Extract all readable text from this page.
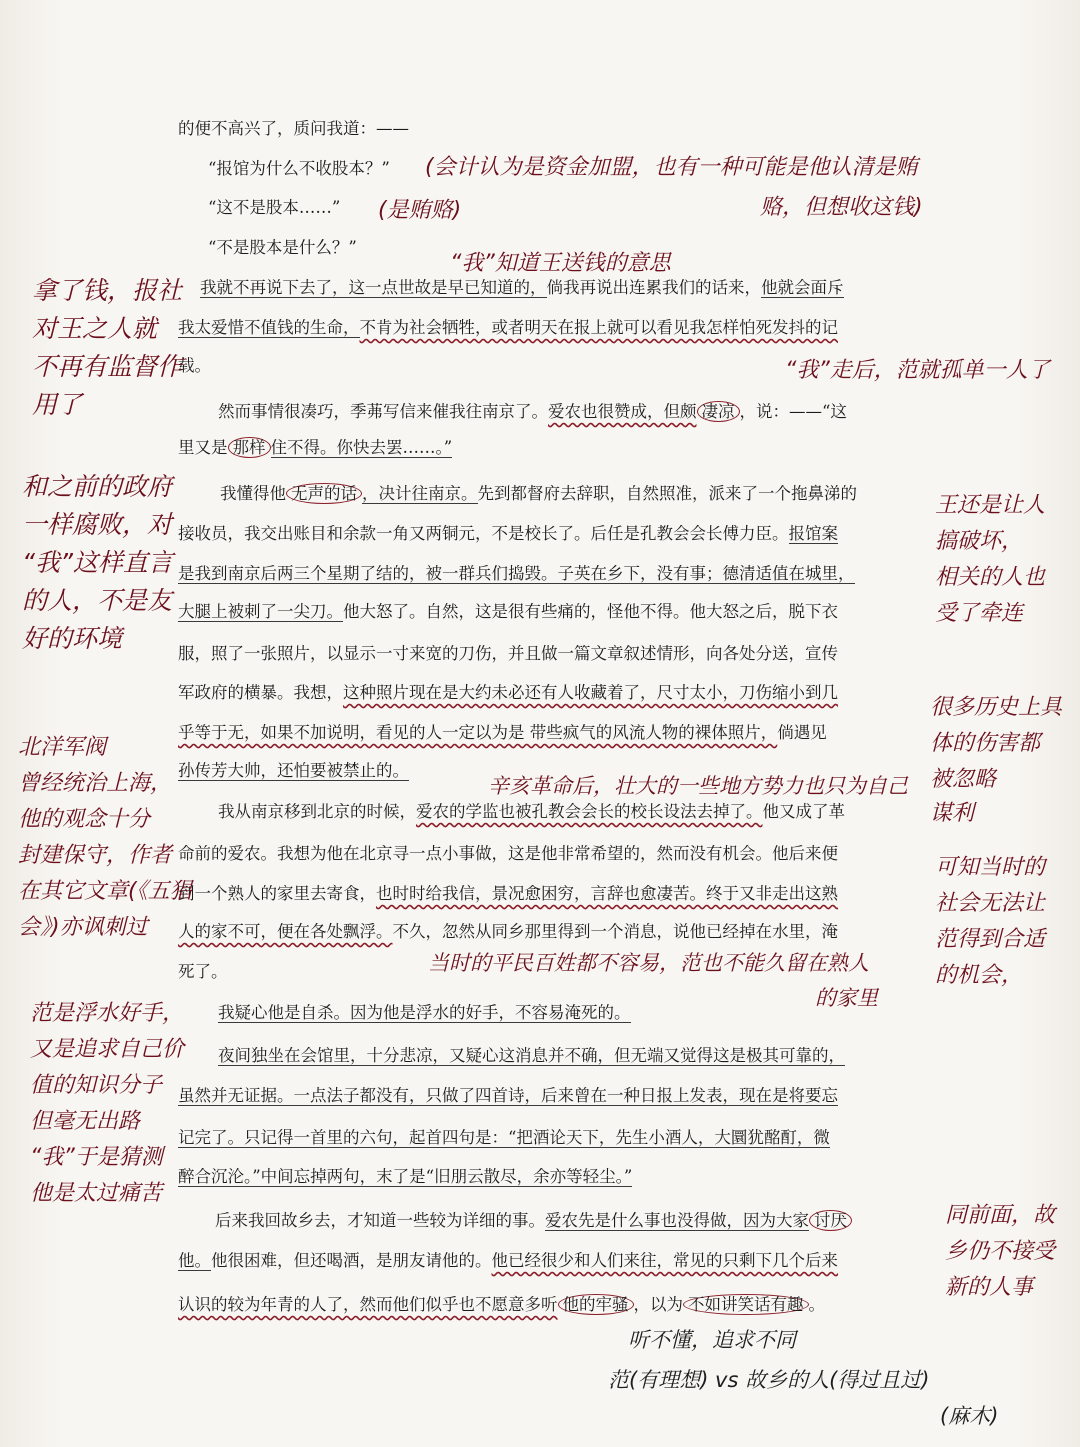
的便不高兴了，质问我道：——
“报馆为什么不收股本？”
“这不是股本……”
“不是股本是什么？”
我就不再说下去了，这一点世故是早已知道的，倘我再说出连累我们的话来，他就会面斥
我太爱惜不值钱的生命，不肯为社会牺牲，或者明天在报上就可以看见我怎样怕死发抖的记
载。
然而事情很凑巧，季茀写信来催我往南京了。爱农也很赞成，但颇 凄凉 ，说：——“这
里又是 那样 住不得。你快去罢……。”
我懂得他 无声的话 ，决计往南京。先到都督府去辞职，自然照准，派来了一个拖鼻涕的
接收员，我交出账目和余款一角又两铜元，不是校长了。后任是孔教会会长傅力臣。报馆案
是我到南京后两三个星期了结的，被一群兵们捣毁。子英在乡下，没有事；德清适值在城里，
大腿上被刺了一尖刀。他大怒了。自然，这是很有些痛的，怪他不得。他大怒之后，脱下衣
服，照了一张照片，以显示一寸来宽的刀伤，并且做一篇文章叙述情形，向各处分送，宣传
军政府的横暴。我想，这种照片现在是大约未必还有人收藏着了，尺寸太小，刀伤缩小到几
乎等于无，如果不加说明，看见的人一定以为是 带些疯气的风流人物的裸体照片，倘遇见
孙传芳大帅，还怕要被禁止的。
我从南京移到北京的时候，爱农的学监也被孔教会会长的校长设法去掉了。他又成了革
命前的爱农。我想为他在北京寻一点小事做，这是他非常希望的，然而没有机会。他后来便
到一个熟人的家里去寄食，也时时给我信，景况愈困穷，言辞也愈凄苦。终于又非走出这熟
人的家不可，便在各处飘浮。不久，忽然从同乡那里得到一个消息，说他已经掉在水里，淹
死了。
我疑心他是自杀。因为他是浮水的好手，不容易淹死的。
夜间独坐在会馆里，十分悲凉，又疑心这消息并不确，但无端又觉得这是极其可靠的，
虽然并无证据。一点法子都没有，只做了四首诗，后来曾在一种日报上发表，现在是将要忘
记完了。只记得一首里的六句，起首四句是：“把酒论天下，先生小酒人，大圜犹酩酊，微
醉合沉沦。”中间忘掉两句，末了是“旧朋云散尽，余亦等轻尘。”
后来我回故乡去，才知道一些较为详细的事。爱农先是什么事也没得做，因为大家 讨厌
他。他很困难，但还喝酒，是朋友请他的。他已经很少和人们来往，常见的只剩下几个后来
认识的较为年青的人了，然而他们似乎也不愿意多听 他的牢骚 ，以为 不如讲笑话有趣 。
(会计认为是资金加盟，也有一种可能是他认清是贿
赂，但想收这钱)
(是贿赂)
“我”知道王送钱的意思
拿了钱，报社
对王之人就
不再有监督作
用了
“我”走后，范就孤单一人了
和之前的政府
一样腐败，对
“我”这样直言
的人，不是友
好的环境
王还是让人
搞破坏，
相关的人也
受了牵连
很多历史上具
体的伤害都
被忽略
辛亥革命后，壮大的一些地方势力也只为自己
谋利
北洋军阀
曾经统治上海，
他的观念十分
封建保守，作者
在其它文章(《五猖
会》)亦讽刺过
可知当时的
社会无法让
范得到合适
的机会，
当时的平民百姓都不容易，范也不能久留在熟人
的家里
范是浮水好手，
又是追求自己价
值的知识分子
但毫无出路
“我”于是猜测
他是太过痛苦
同前面，故
乡仍不接受
新的人事
听不懂，追求不同
范(有理想) vs 故乡的人(得过且过)
(麻木)
